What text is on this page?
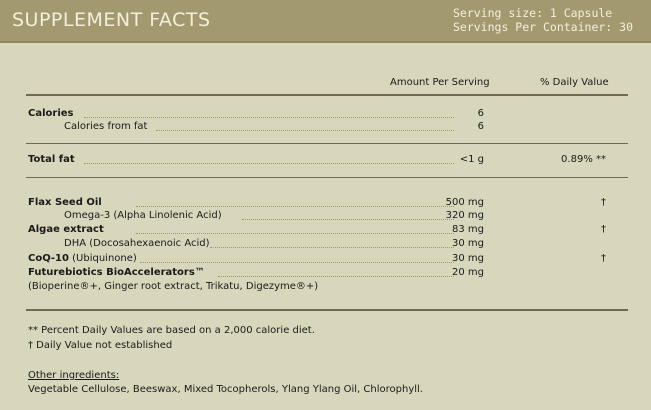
SUPPLEMENT FACTS	Serving size: 1 Capsule
Servings Per Container: 30
Amount Per Serving	% Daily Value
Calories	6
Calories from fat	6
Total fat	<1 g	0.89% **
Flax Seed Oil	500 mg	†
Omega-3 (Alpha Linolenic Acid)	320 mg
Algae extract	83 mg	†
DHA (Docosahexaenoic Acid)	30 mg
CoQ-10 (Ubiquinone)	30 mg	†
Futurebiotics BioAccelerators™	20 mg
(Bioperine®+, Ginger root extract, Trikatu, Digezyme®+)
** Percent Daily Values are based on a 2,000 calorie diet.
† Daily Value not established
Other ingredients:
Vegetable Cellulose, Beeswax, Mixed Tocopherols, Ylang Ylang Oil, Chlorophyll.
